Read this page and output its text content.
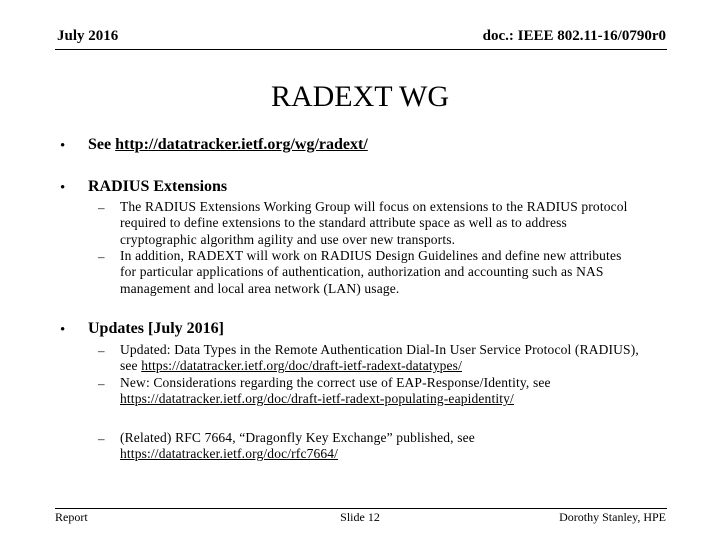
July 2016	doc.: IEEE 802.11-16/0790r0
RADEXT WG
• See http://datatracker.ietf.org/wg/radext/
• RADIUS Extensions
– The RADIUS Extensions Working Group will focus on extensions to the RADIUS protocol required to define extensions to the standard attribute space as well as to address cryptographic algorithm agility and use over new transports.
– In addition, RADEXT will work on RADIUS Design Guidelines and define new attributes for particular applications of authentication, authorization and accounting such as NAS management and local area network (LAN) usage.
• Updates [July 2016]
– Updated: Data Types in the Remote Authentication Dial-In User Service Protocol (RADIUS), see https://datatracker.ietf.org/doc/draft-ietf-radext-datatypes/
– New: Considerations regarding the correct use of EAP-Response/Identity, see https://datatracker.ietf.org/doc/draft-ietf-radext-populating-eapidentity/
– (Related) RFC 7664, “Dragonfly Key Exchange” published, see https://datatracker.ietf.org/doc/rfc7664/
Report	Slide 12	Dorothy Stanley, HPE
